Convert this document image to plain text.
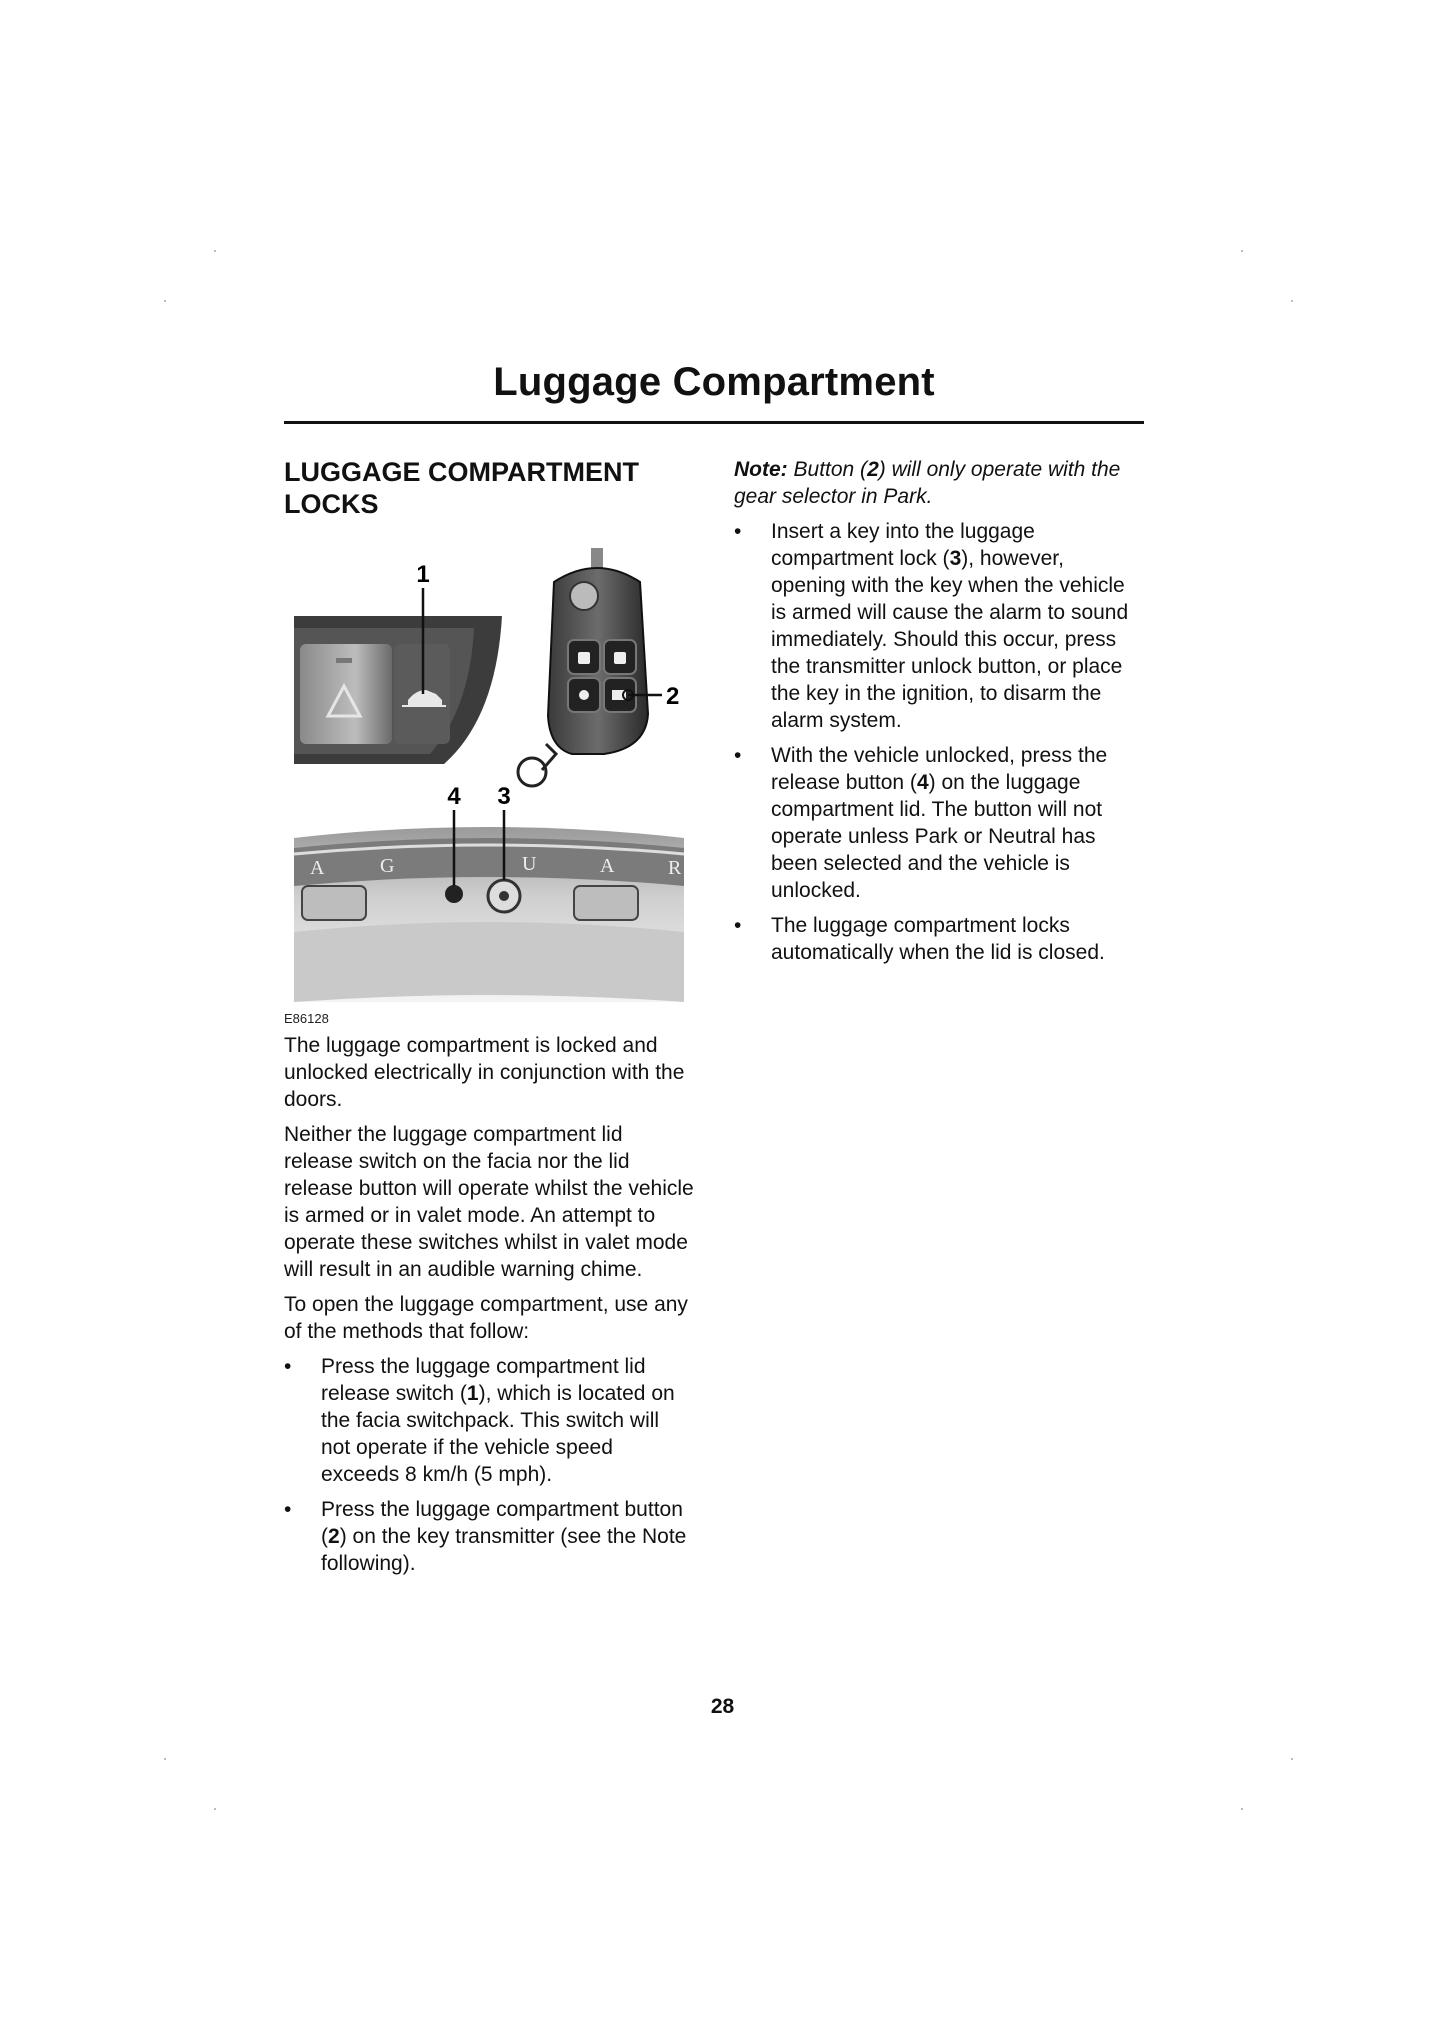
Luggage Compartment
LUGGAGE COMPARTMENT
LOCKS
1
2
A	G	U	A	R
4 3
E86128

The luggage compartment is locked and unlocked electrically in conjunction with the doors.

Neither the luggage compartment lid release switch on the facia nor the lid release button will operate whilst the vehicle is armed or in valet mode. An attempt to operate these switches whilst in valet mode will result in an audible warning chime.

To open the luggage compartment, use any of the methods that follow:

• Press the luggage compartment lid release switch (1), which is located on the facia switchpack. This switch will not operate if the vehicle speed exceeds 8 km/h (5 mph).
• Press the luggage compartment button (2) on the key transmitter (see the Note following).

Note: Button (2) will only operate with the gear selector in Park.

• Insert a key into the luggage compartment lock (3), however, opening with the key when the vehicle is armed will cause the alarm to sound immediately. Should this occur, press the transmitter unlock button, or place the key in the ignition, to disarm the alarm system.
• With the vehicle unlocked, press the release button (4) on the luggage compartment lid. The button will not operate unless Park or Neutral has been selected and the vehicle is unlocked.
• The luggage compartment locks automatically when the lid is closed.
28
